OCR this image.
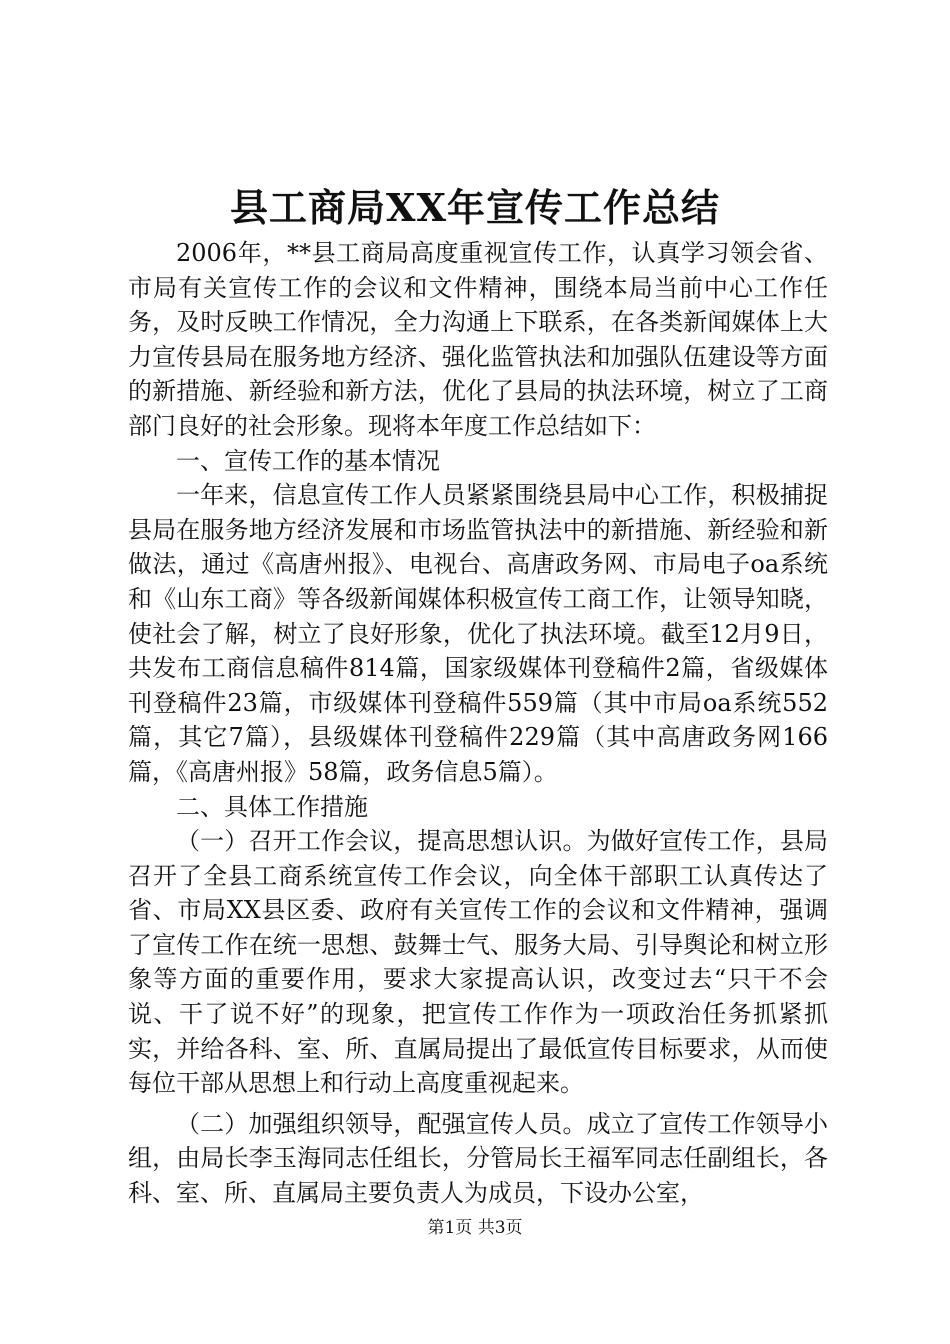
县工商局XX年宣传工作总结

2006年，**县工商局高度重视宣传工作，认真学习领会省、市局有关宣传工作的会议和文件精神，围绕本局当前中心工作任务，及时反映工作情况，全力沟通上下联系，在各类新闻媒体上大力宣传县局在服务地方经济、强化监管执法和加强队伍建设等方面的新措施、新经验和新方法，优化了县局的执法环境，树立了工商部门良好的社会形象。现将本年度工作总结如下：

一、宣传工作的基本情况

一年来，信息宣传工作人员紧紧围绕县局中心工作，积极捕捉县局在服务地方经济发展和市场监管执法中的新措施、新经验和新做法，通过《高唐州报》、电视台、高唐政务网、市局电子oa系统和《山东工商》等各级新闻媒体积极宣传工商工作，让领导知晓，使社会了解，树立了良好形象，优化了执法环境。截至12月9日，共发布工商信息稿件814篇，国家级媒体刊登稿件2篇，省级媒体刊登稿件23篇，市级媒体刊登稿件559篇（其中市局oa系统552篇，其它7篇），县级媒体刊登稿件229篇（其中高唐政务网166篇，《高唐州报》58篇，政务信息5篇）。

二、具体工作措施

（一）召开工作会议，提高思想认识。为做好宣传工作，县局召开了全县工商系统宣传工作会议，向全体干部职工认真传达了省、市局XX县区委、政府有关宣传工作的会议和文件精神，强调了宣传工作在统一思想、鼓舞士气、服务大局、引导舆论和树立形象等方面的重要作用，要求大家提高认识，改变过去“只干不会说、干了说不好”的现象，把宣传工作作为一项政治任务抓紧抓实，并给各科、室、所、直属局提出了最低宣传目标要求，从而使每位干部从思想上和行动上高度重视起来。

（二）加强组织领导，配强宣传人员。成立了宣传工作领导小组，由局长李玉海同志任组长，分管局长王福军同志任副组长，各科、室、所、直属局主要负责人为成员，下设办公室，

第1页 共3页
